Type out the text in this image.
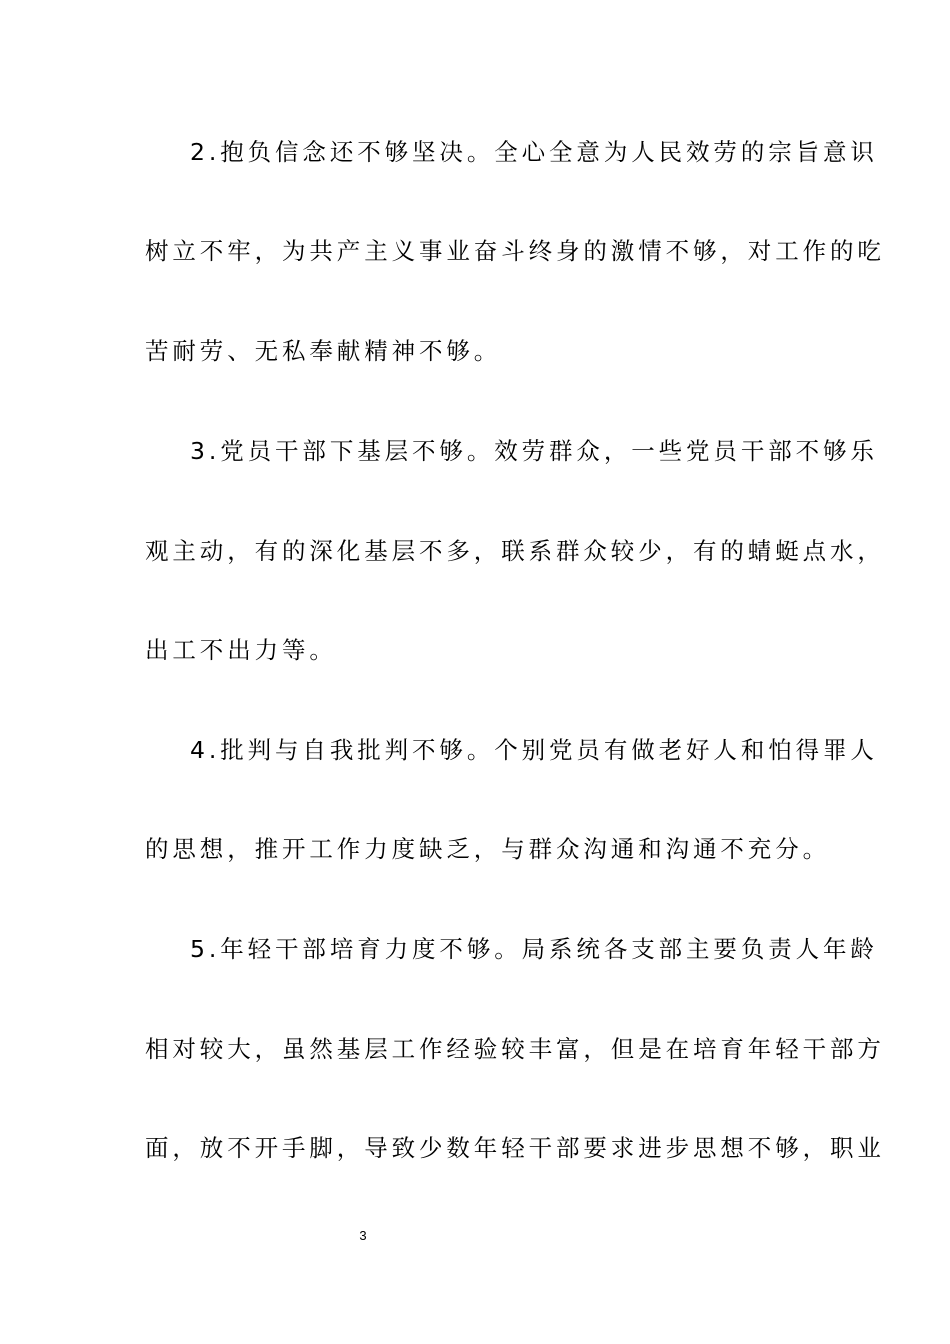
2.抱负信念还不够坚决。全心全意为人民效劳的宗旨意识
树立不牢，为共产主义事业奋斗终身的激情不够，对工作的吃
苦耐劳、无私奉献精神不够。
3.党员干部下基层不够。效劳群众，一些党员干部不够乐
观主动，有的深化基层不多，联系群众较少，有的蜻蜓点水，
出工不出力等。
4.批判与自我批判不够。个别党员有做老好人和怕得罪人
的思想，推开工作力度缺乏，与群众沟通和沟通不充分。
5.年轻干部培育力度不够。局系统各支部主要负责人年龄
相对较大，虽然基层工作经验较丰富，但是在培育年轻干部方
面，放不开手脚，导致少数年轻干部要求进步思想不够，职业
3
